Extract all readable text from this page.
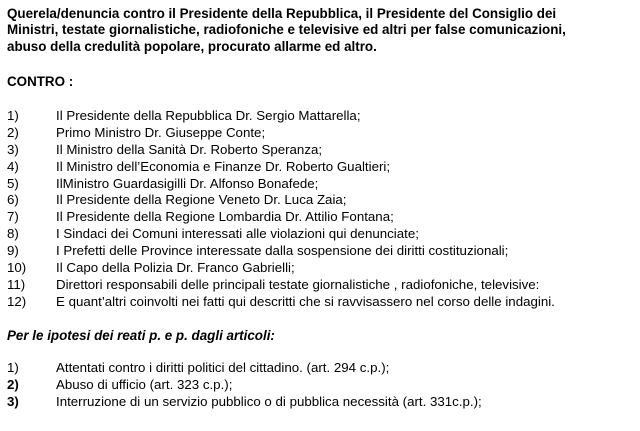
Querela/denuncia contro il Presidente della Repubblica, il Presidente del Consiglio dei

Ministri, testate giornalistiche, radiofoniche e televisive ed altri per false comunicazioni,

abuso della credulità popolare, procurato allarme ed altro.

CONTRO :

1)	Il Presidente della Repubblica Dr. Sergio Mattarella;
2)	Primo Ministro Dr. Giuseppe Conte;
3)	Il Ministro della Sanità Dr. Roberto Speranza;
4)	Il Ministro dell’Economia e Finanze Dr. Roberto Gualtieri;
5)	IlMinistro Guardasigilli Dr. Alfonso Bonafede;
6)	Il Presidente della Regione Veneto Dr. Luca Zaia;
7)	Il Presidente della Regione Lombardia Dr. Attilio Fontana;
8)	I Sindaci dei Comuni interessati alle violazioni qui denunciate;
9)	I Prefetti delle Province interessate dalla sospensione dei diritti costituzionali;
10)	Il Capo della Polizia Dr. Franco Gabrielli;
11)	Direttori responsabili delle principali testate giornalistiche , radiofoniche, televisive:
12)	E quant’altri coinvolti nei fatti qui descritti che si ravvisassero nel corso delle indagini.

Per le ipotesi dei reati p. e p. dagli articoli:

1)	Attentati contro i diritti politici del cittadino. (art. 294 c.p.);
2)	Abuso di ufficio (art. 323 c.p.);
3)	Interruzione di un servizio pubblico o di pubblica necessità (art. 331c.p.);
